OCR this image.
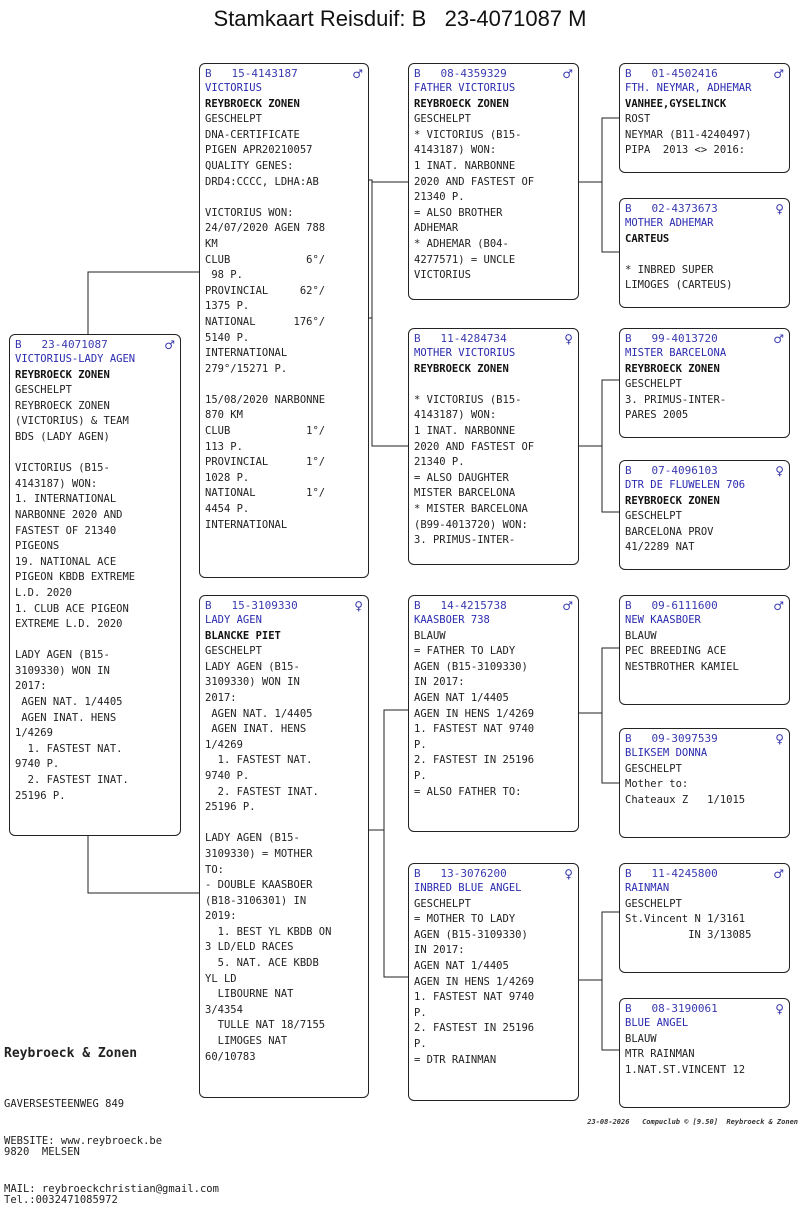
Stamkaart Reisduif: B   23-4071087 M
B 23-4071087	♂
VICTORIUS-LADY AGEN
REYBROECK ZONEN
GESCHELPT
REYBROECK ZONEN
(VICTORIUS) & TEAM
BDS (LADY AGEN)
VICTORIUS (B15-
4143187) WON:
1. INTERNATIONAL
NARBONNE 2020 AND
FASTEST OF 21340
PIGEONS
19. NATIONAL ACE
PIGEON KBDB EXTREME
L.D. 2020
1. CLUB ACE PIGEON
EXTREME L.D. 2020
LADY AGEN (B15-
3109330) WON IN
2017:
AGEN NAT. 1/4405
AGEN INAT. HENS
1/4269
1. FASTEST NAT.
9740 P.
2. FASTEST INAT.
25196 P.
B 15-4143187	♂
VICTORIUS
REYBROECK ZONEN
GESCHELPT
DNA-CERTIFICATE
PIGEN APR20210057
QUALITY GENES:
DRD4:CCCC, LDHA:AB
VICTORIUS WON:
24/07/2020 AGEN 788
KM
CLUB            6°/
98 P.
PROVINCIAL     62°/
1375 P.
NATIONAL      176°/
5140 P.
INTERNATIONAL
279°/15271 P.
15/08/2020 NARBONNE
870 KM
CLUB            1°/
113 P.
PROVINCIAL      1°/
1028 P.
NATIONAL        1°/
4454 P.
INTERNATIONAL
B 15-3109330	♀
LADY AGEN
BLANCKE PIET
GESCHELPT
LADY AGEN (B15-
3109330) WON IN
2017:
AGEN NAT. 1/4405
AGEN INAT. HENS
1/4269
1. FASTEST NAT.
9740 P.
2. FASTEST INAT.
25196 P.
LADY AGEN (B15-
3109330) = MOTHER
TO:
- DOUBLE KAASBOER
(B18-3106301) IN
2019:
1. BEST YL KBDB ON
3 LD/ELD RACES
5. NAT. ACE KBDB
YL LD
LIBOURNE NAT
3/4354
TULLE NAT 18/7155
LIMOGES NAT
60/10783
B 08-4359329	♂
FATHER VICTORIUS
REYBROECK ZONEN
GESCHELPT
* VICTORIUS (B15-
4143187) WON:
1 INAT. NARBONNE
2020 AND FASTEST OF
21340 P.
= ALSO BROTHER
ADHEMAR
* ADHEMAR (B04-
4277571) = UNCLE
VICTORIUS
B 11-4284734	♀
MOTHER VICTORIUS
REYBROECK ZONEN
* VICTORIUS (B15-
4143187) WON:
1 INAT. NARBONNE
2020 AND FASTEST OF
21340 P.
= ALSO DAUGHTER
MISTER BARCELONA
* MISTER BARCELONA
(B99-4013720) WON:
3. PRIMUS-INTER-
B 14-4215738	♂
KAASBOER 738
BLAUW
= FATHER TO LADY
AGEN (B15-3109330)
IN 2017:
AGEN NAT 1/4405
AGEN IN HENS 1/4269
1. FASTEST NAT 9740
P.
2. FASTEST IN 25196
P.
= ALSO FATHER TO:
B 13-3076200	♀
INBRED BLUE ANGEL
GESCHELPT
= MOTHER TO LADY
AGEN (B15-3109330)
IN 2017:
AGEN NAT 1/4405
AGEN IN HENS 1/4269
1. FASTEST NAT 9740
P.
2. FASTEST IN 25196
P.
= DTR RAINMAN
B 01-4502416	♂
FTH. NEYMAR, ADHEMAR
VANHEE,GYSELINCK
ROST
NEYMAR (B11-4240497)
PIPA  2013 <> 2016:
B 02-4373673	♀
MOTHER ADHEMAR
CARTEUS
* INBRED SUPER
LIMOGES (CARTEUS)
B 99-4013720	♂
MISTER BARCELONA
REYBROECK ZONEN
GESCHELPT
3. PRIMUS-INTER-
PARES 2005
B 07-4096103	♀
DTR DE FLUWELEN 706
REYBROECK ZONEN
GESCHELPT
BARCELONA PROV
41/2289 NAT
B 09-6111600	♂
NEW KAASBOER
BLAUW
PEC BREEDING ACE
NESTBROTHER KAMIEL
B 09-3097539	♀
BLIKSEM DONNA
GESCHELPT
Mother to:
Chateaux Z   1/1015
B 11-4245800	♂
RAINMAN
GESCHELPT
St.Vincent N 1/3161
IN 3/13085
B 08-3190061	♀
BLUE ANGEL
BLAUW
MTR RAINMAN
1.NAT.ST.VINCENT 12

Reybroeck & Zonen

GAVERSESTEENWEG 849

9820  MELSEN

Tel.:0032471085972

WEBSITE: www.reybroeck.be

MAIL: reybroeckchristian@gmail.com

23-08-2026   Compuclub © [9.50]  Reybroeck & Zonen
